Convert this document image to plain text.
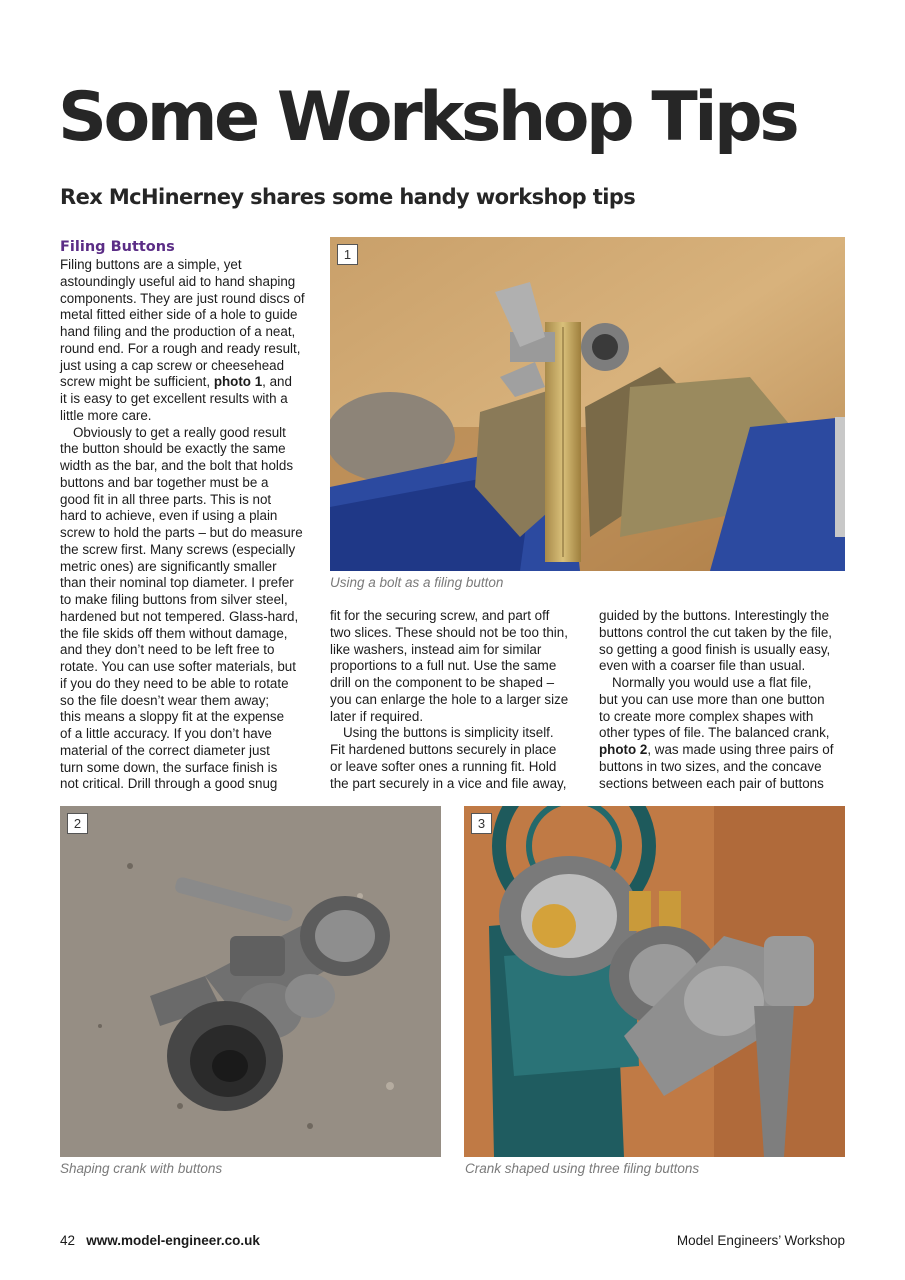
Some Workshop Tips
Rex McHinerney shares some handy workshop tips
Filing Buttons
Filing buttons are a simple, yet
astoundingly useful aid to hand shaping
components. They are just round discs of
metal fitted either side of a hole to guide
hand filing and the production of a neat,
round end. For a rough and ready result,
just using a cap screw or cheesehead
screw might be sufficient, photo 1, and
it is easy to get excellent results with a
little more care.
Obviously to get a really good result
the button should be exactly the same
width as the bar, and the bolt that holds
buttons and bar together must be a
good fit in all three parts. This is not
hard to achieve, even if using a plain
screw to hold the parts – but do measure
the screw first. Many screws (especially
metric ones) are significantly smaller
than their nominal top diameter. I prefer
to make filing buttons from silver steel,
hardened but not tempered. Glass-hard,
the file skids off them without damage,
and they don’t need to be left free to
rotate. You can use softer materials, but
if you do they need to be able to rotate
so the file doesn’t wear them away;
this means a sloppy fit at the expense
of a little accuracy. If you don’t have
material of the correct diameter just
turn some down, the surface finish is
not critical. Drill through a good snug
1
Using a bolt as a filing button
fit for the securing screw, and part off
two slices. These should not be too thin,
like washers, instead aim for similar
proportions to a full nut. Use the same
drill on the component to be shaped –
you can enlarge the hole to a larger size
later if required.
Using the buttons is simplicity itself.
Fit hardened buttons securely in place
or leave softer ones a running fit. Hold
the part securely in a vice and file away,
guided by the buttons. Interestingly the
buttons control the cut taken by the file,
so getting a good finish is usually easy,
even with a coarser file than usual.
Normally you would use a flat file,
but you can use more than one button
to create more complex shapes with
other types of file. The balanced crank,
photo 2, was made using three pairs of
buttons in two sizes, and the concave
sections between each pair of buttons
2
Shaping crank with buttons
3
Crank shaped using three filing buttons
42 www.model-engineer.co.uk	Model Engineers’ Workshop
